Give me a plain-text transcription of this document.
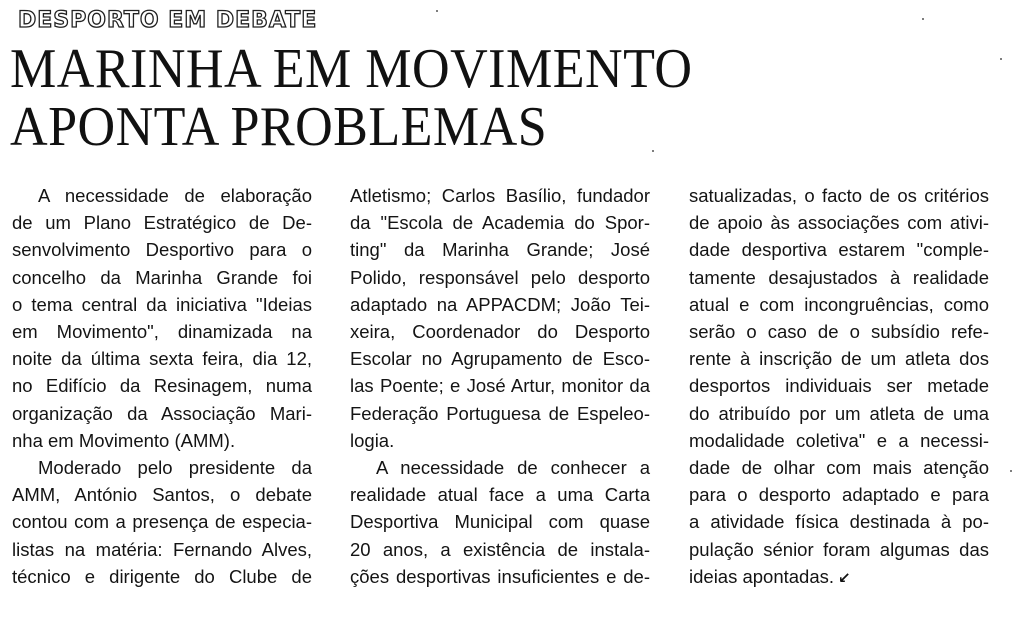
DESPORTO EM DEBATE
MARINHA EM MOVIMENTO
APONTA PROBLEMAS
A necessidade de elaboração
de um Plano Estratégico de De-
senvolvimento Desportivo para o
concelho da Marinha Grande foi
o tema central da iniciativa "Ideias
em Movimento", dinamizada na
noite da última sexta feira, dia 12,
no Edifício da Resinagem, numa
organização da Associação Mari-
nha em Movimento (AMM).
Moderado pelo presidente da
AMM, António Santos, o debate
contou com a presença de especia-
listas na matéria: Fernando Alves,
técnico e dirigente do Clube de
Atletismo; Carlos Basílio, fundador
da "Escola de Academia do Spor-
ting" da Marinha Grande; José
Polido, responsável pelo desporto
adaptado na APPACDM; João Tei-
xeira, Coordenador do Desporto
Escolar no Agrupamento de Esco-
las Poente; e José Artur, monitor da
Federação Portuguesa de Espeleo-
logia.
A necessidade de conhecer a
realidade atual face a uma Carta
Desportiva Municipal com quase
20 anos, a existência de instala-
ções desportivas insuficientes e de-
satualizadas, o facto de os critérios
de apoio às associações com ativi-
dade desportiva estarem "comple-
tamente desajustados à realidade
atual e com incongruências, como
serão o caso de o subsídio refe-
rente à inscrição de um atleta dos
desportos individuais ser metade
do atribuído por um atleta de uma
modalidade coletiva" e a necessi-
dade de olhar com mais atenção
para o desporto adaptado e para
a atividade física destinada à po-
pulação sénior foram algumas das
ideias apontadas. ↙
